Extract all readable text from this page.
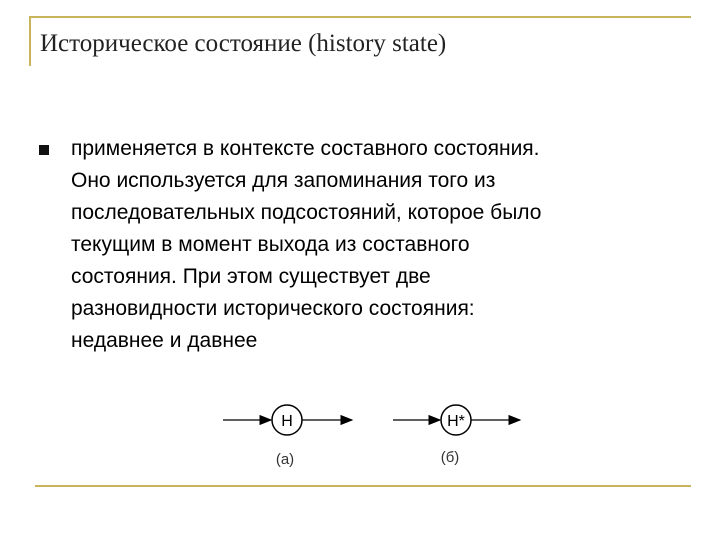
Историческое состояние (history state)

применяется в контексте составного состояния.
Оно используется для запоминания того из
последовательных подсостояний, которое было
текущим в момент выхода из составного
состояния. При этом существует две
разновидности исторического состояния:
недавнее и давнее

H
(а)
H*
(б)
